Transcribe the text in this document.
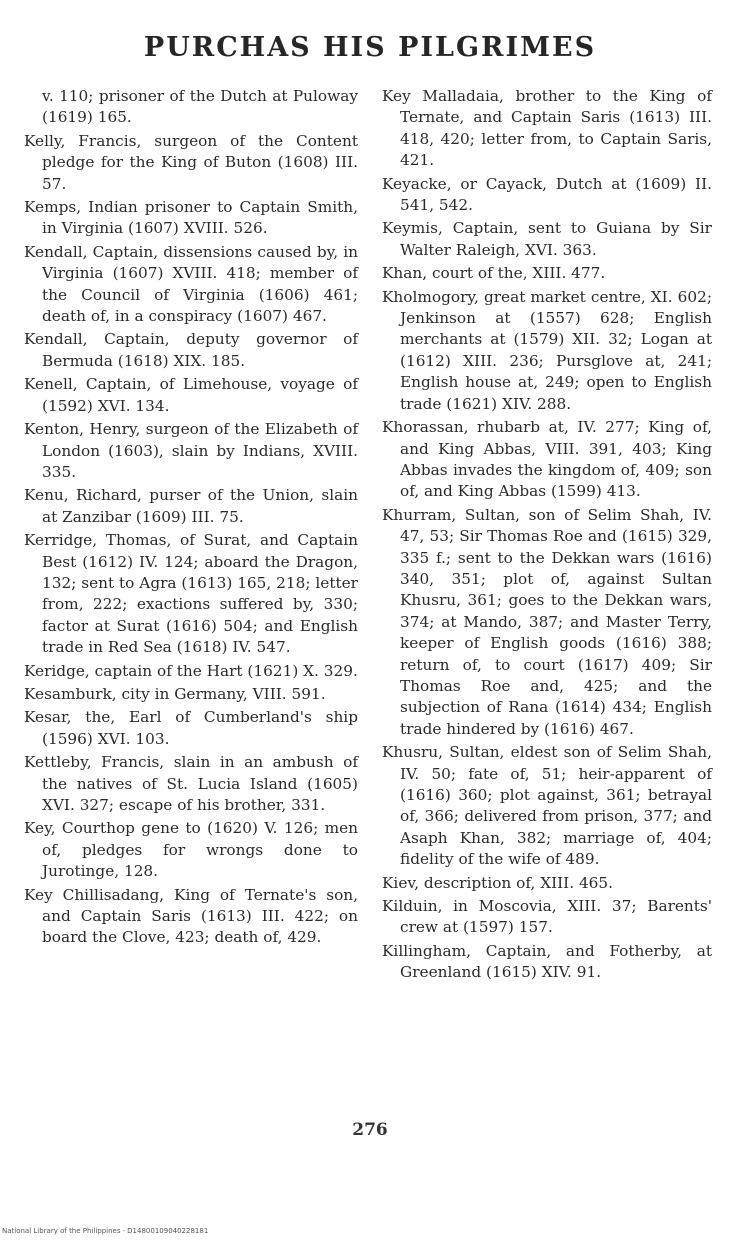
PURCHAS HIS PILGRIMES

v. 110; prisoner of the Dutch at Puloway (1619) 165.

Kelly, Francis, surgeon of the Content pledge for the King of Buton (1608) III. 57.

Kemps, Indian prisoner to Captain Smith, in Virginia (1607) XVIII. 526.

Kendall, Captain, dissensions caused by, in Virginia (1607) XVIII. 418; member of the Council of Virginia (1606) 461; death of, in a conspiracy (1607) 467.

Kendall, Captain, deputy governor of Bermuda (1618) XIX. 185.

Kenell, Captain, of Limehouse, voyage of (1592) XVI. 134.

Kenton, Henry, surgeon of the Elizabeth of London (1603), slain by Indians, XVIII. 335.

Kenu, Richard, purser of the Union, slain at Zanzibar (1609) III. 75.

Kerridge, Thomas, of Surat, and Captain Best (1612) IV. 124; aboard the Dragon, 132; sent to Agra (1613) 165, 218; letter from, 222; exactions suffered by, 330; factor at Surat (1616) 504; and English trade in Red Sea (1618) IV. 547.

Keridge, captain of the Hart (1621) X. 329.

Kesamburk, city in Germany, VIII. 591.

Kesar, the, Earl of Cumberland's ship (1596) XVI. 103.

Kettleby, Francis, slain in an ambush of the natives of St. Lucia Island (1605) XVI. 327; escape of his brother, 331.

Key, Courthop gene to (1620) V. 126; men of, pledges for wrongs done to Jurotinge, 128.

Key Chillisadang, King of Ternate's son, and Captain Saris (1613) III. 422; on board the Clove, 423; death of, 429.

Key Malladaia, brother to the King of Ternate, and Captain Saris (1613) III. 418, 420; letter from, to Captain Saris, 421.

Keyacke, or Cayack, Dutch at (1609) II. 541, 542.

Keymis, Captain, sent to Guiana by Sir Walter Raleigh, XVI. 363.

Khan, court of the, XIII. 477.

Kholmogory, great market centre, XI. 602; Jenkinson at (1557) 628; English merchants at (1579) XII. 32; Logan at (1612) XIII. 236; Pursglove at, 241; English house at, 249; open to English trade (1621) XIV. 288.

Khorassan, rhubarb at, IV. 277; King of, and King Abbas, VIII. 391, 403; King Abbas invades the kingdom of, 409; son of, and King Abbas (1599) 413.

Khurram, Sultan, son of Selim Shah, IV. 47, 53; Sir Thomas Roe and (1615) 329, 335 f.; sent to the Dekkan wars (1616) 340, 351; plot of, against Sultan Khusru, 361; goes to the Dekkan wars, 374; at Mando, 387; and Master Terry, keeper of English goods (1616) 388; return of, to court (1617) 409; Sir Thomas Roe and, 425; and the subjection of Rana (1614) 434; English trade hindered by (1616) 467.

Khusru, Sultan, eldest son of Selim Shah, IV. 50; fate of, 51; heir-apparent of (1616) 360; plot against, 361; betrayal of, 366; delivered from prison, 377; and Asaph Khan, 382; marriage of, 404; fidelity of the wife of 489.

Kiev, description of, XIII. 465.

Kilduin, in Moscovia, XIII. 37; Barents' crew at (1597) 157.

Killingham, Captain, and Fotherby, at Greenland (1615) XIV. 91.

276
National Library of the Philippines · D14800109040228181
